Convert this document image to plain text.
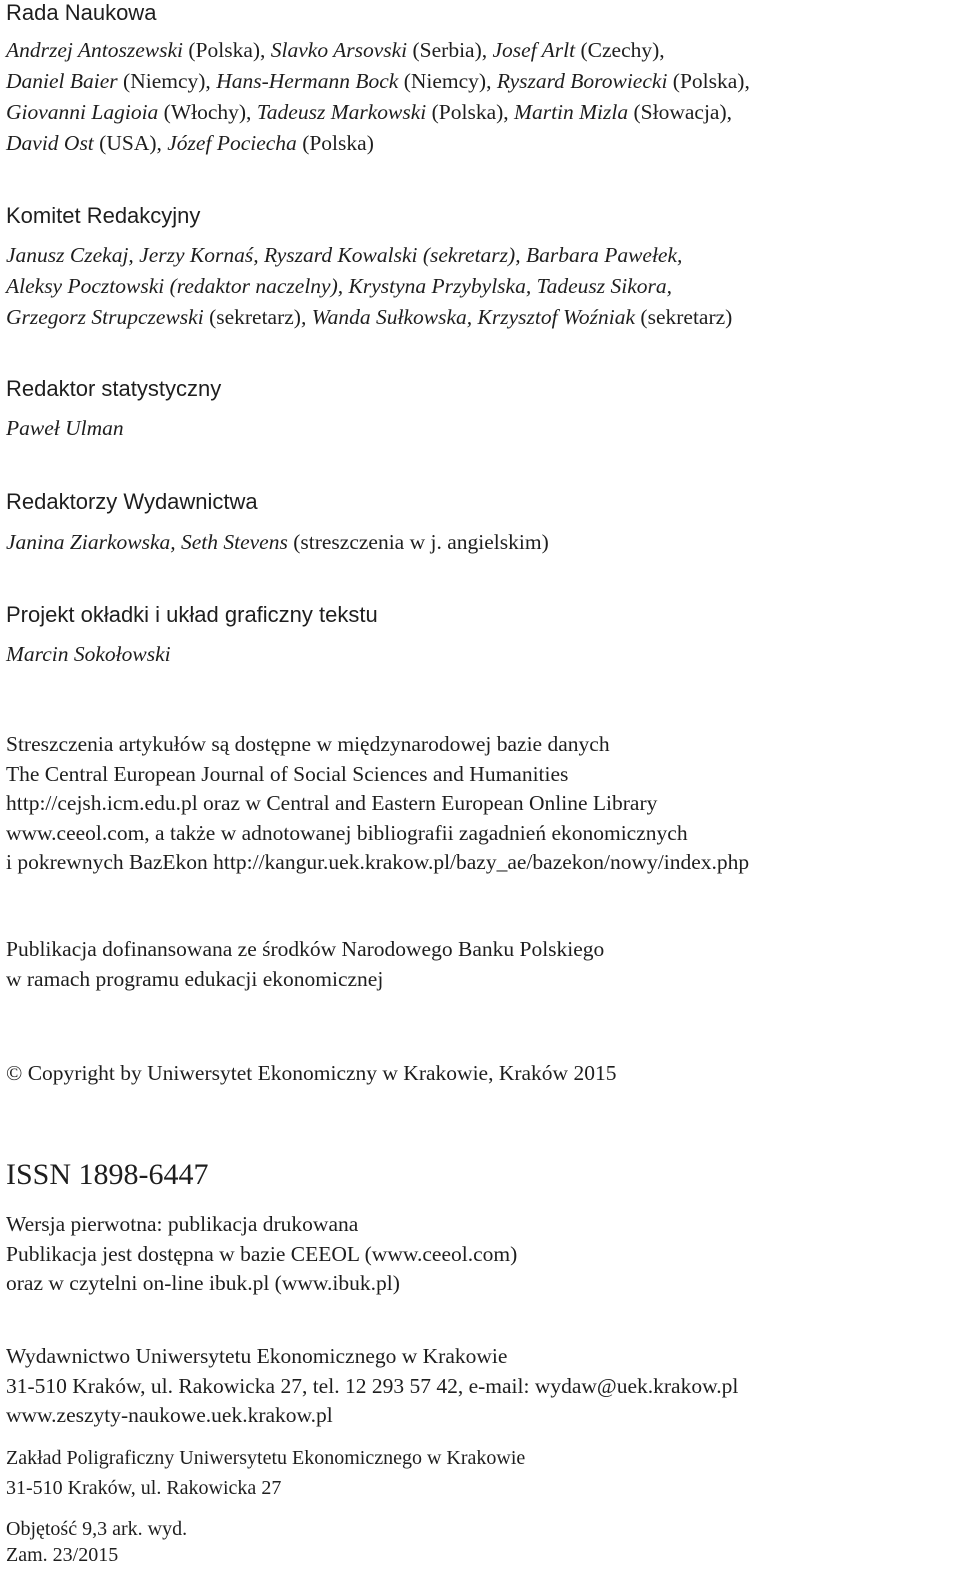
Rada Naukowa
Andrzej Antoszewski (Polska), Slavko Arsovski (Serbia), Josef Arlt (Czechy),
Daniel Baier (Niemcy), Hans-Hermann Bock (Niemcy), Ryszard Borowiecki (Polska),
Giovanni Lagioia (Włochy), Tadeusz Markowski (Polska), Martin Mizla (Słowacja),
David Ost (USA), Józef Pociecha (Polska)
Komitet Redakcyjny
Janusz Czekaj, Jerzy Kornaś, Ryszard Kowalski (sekretarz), Barbara Pawełek,
Aleksy Pocztowski (redaktor naczelny), Krystyna Przybylska, Tadeusz Sikora,
Grzegorz Strupczewski (sekretarz), Wanda Sułkowska, Krzysztof Woźniak (sekretarz)
Redaktor statystyczny
Paweł Ulman
Redaktorzy Wydawnictwa
Janina Ziarkowska, Seth Stevens (streszczenia w j. angielskim)
Projekt okładki i układ graficzny tekstu
Marcin Sokołowski
Streszczenia artykułów są dostępne w międzynarodowej bazie danych
The Central European Journal of Social Sciences and Humanities
http://cejsh.icm.edu.pl oraz w Central and Eastern European Online Library
www.ceeol.com, a także w adnotowanej bibliografii zagadnień ekonomicznych
i pokrewnych BazEkon http://kangur.uek.krakow.pl/bazy_ae/bazekon/nowy/index.php
Publikacja dofinansowana ze środków Narodowego Banku Polskiego
w ramach programu edukacji ekonomicznej
© Copyright by Uniwersytet Ekonomiczny w Krakowie, Kraków 2015
ISSN 1898-6447
Wersja pierwotna: publikacja drukowana
Publikacja jest dostępna w bazie CEEOL (www.ceeol.com)
oraz w czytelni on-line ibuk.pl (www.ibuk.pl)
Wydawnictwo Uniwersytetu Ekonomicznego w Krakowie
31-510 Kraków, ul. Rakowicka 27, tel. 12 293 57 42, e-mail: wydaw@uek.krakow.pl
www.zeszyty-naukowe.uek.krakow.pl
Zakład Poligraficzny Uniwersytetu Ekonomicznego w Krakowie
31-510 Kraków, ul. Rakowicka 27
Objętość 9,3 ark. wyd.
Zam. 23/2015
